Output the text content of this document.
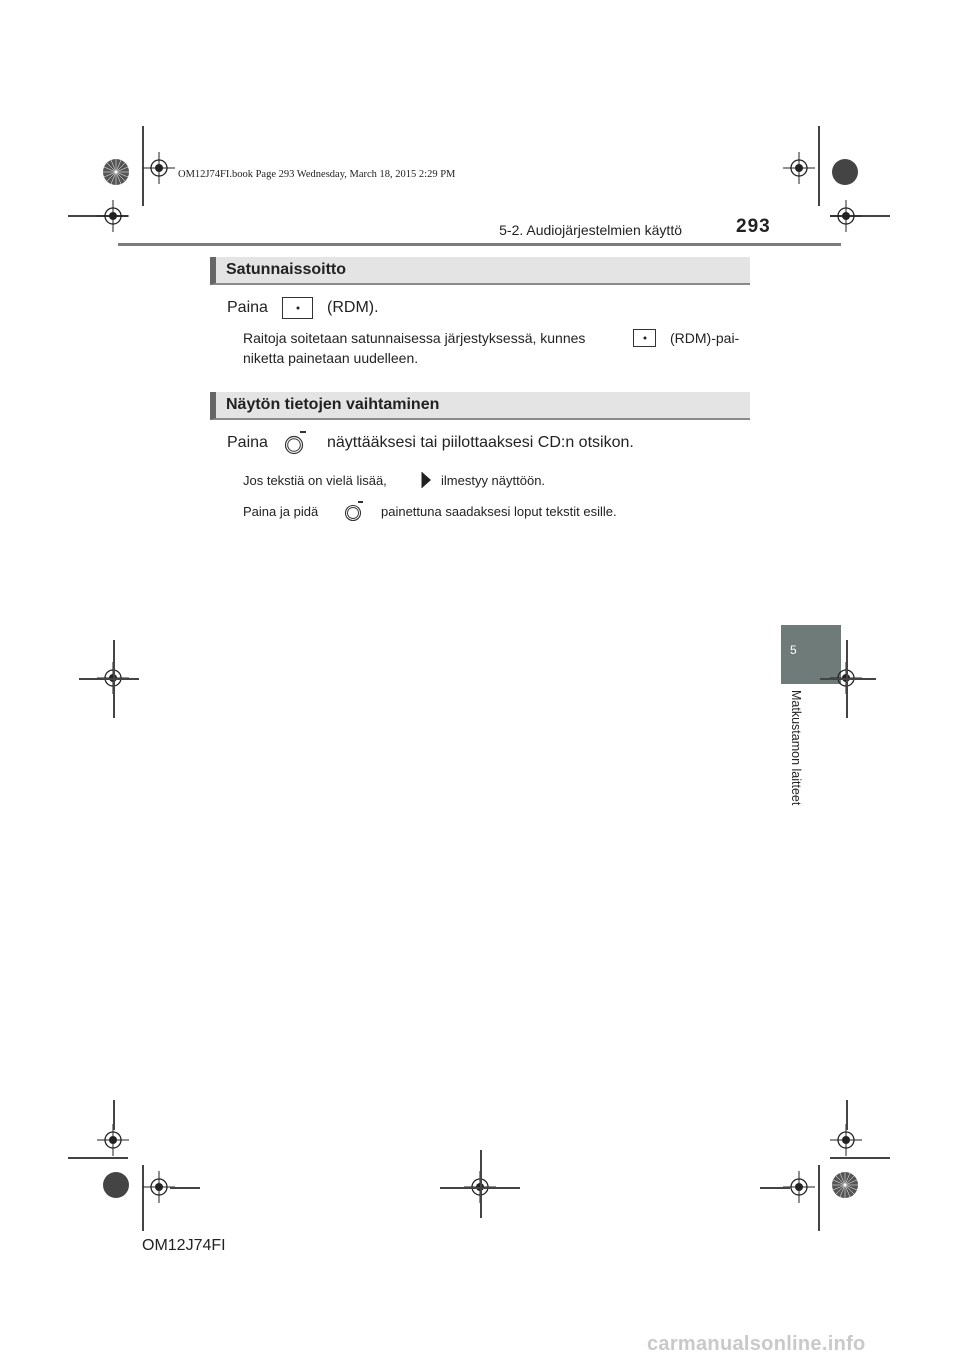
OM12J74FI.book Page 293 Wednesday, March 18, 2015 2:29 PM
5-2. Audiojärjestelmien käyttö	293
Satunnaissoitto
Paina	(RDM).
Raitoja soitetaan satunnaisessa järjestyksessä, kunnes	(RDM)-pai-
niketta painetaan uudelleen.
Näytön tietojen vaihtaminen
Paina	näyttääksesi tai piilottaaksesi CD:n otsikon.
Jos tekstiä on vielä lisää,	ilmestyy näyttöön.
Paina ja pidä	painettuna saadaksesi loput tekstit esille.
5
Matkustamon laitteet
OM12J74FI
carmanualsonline.info
